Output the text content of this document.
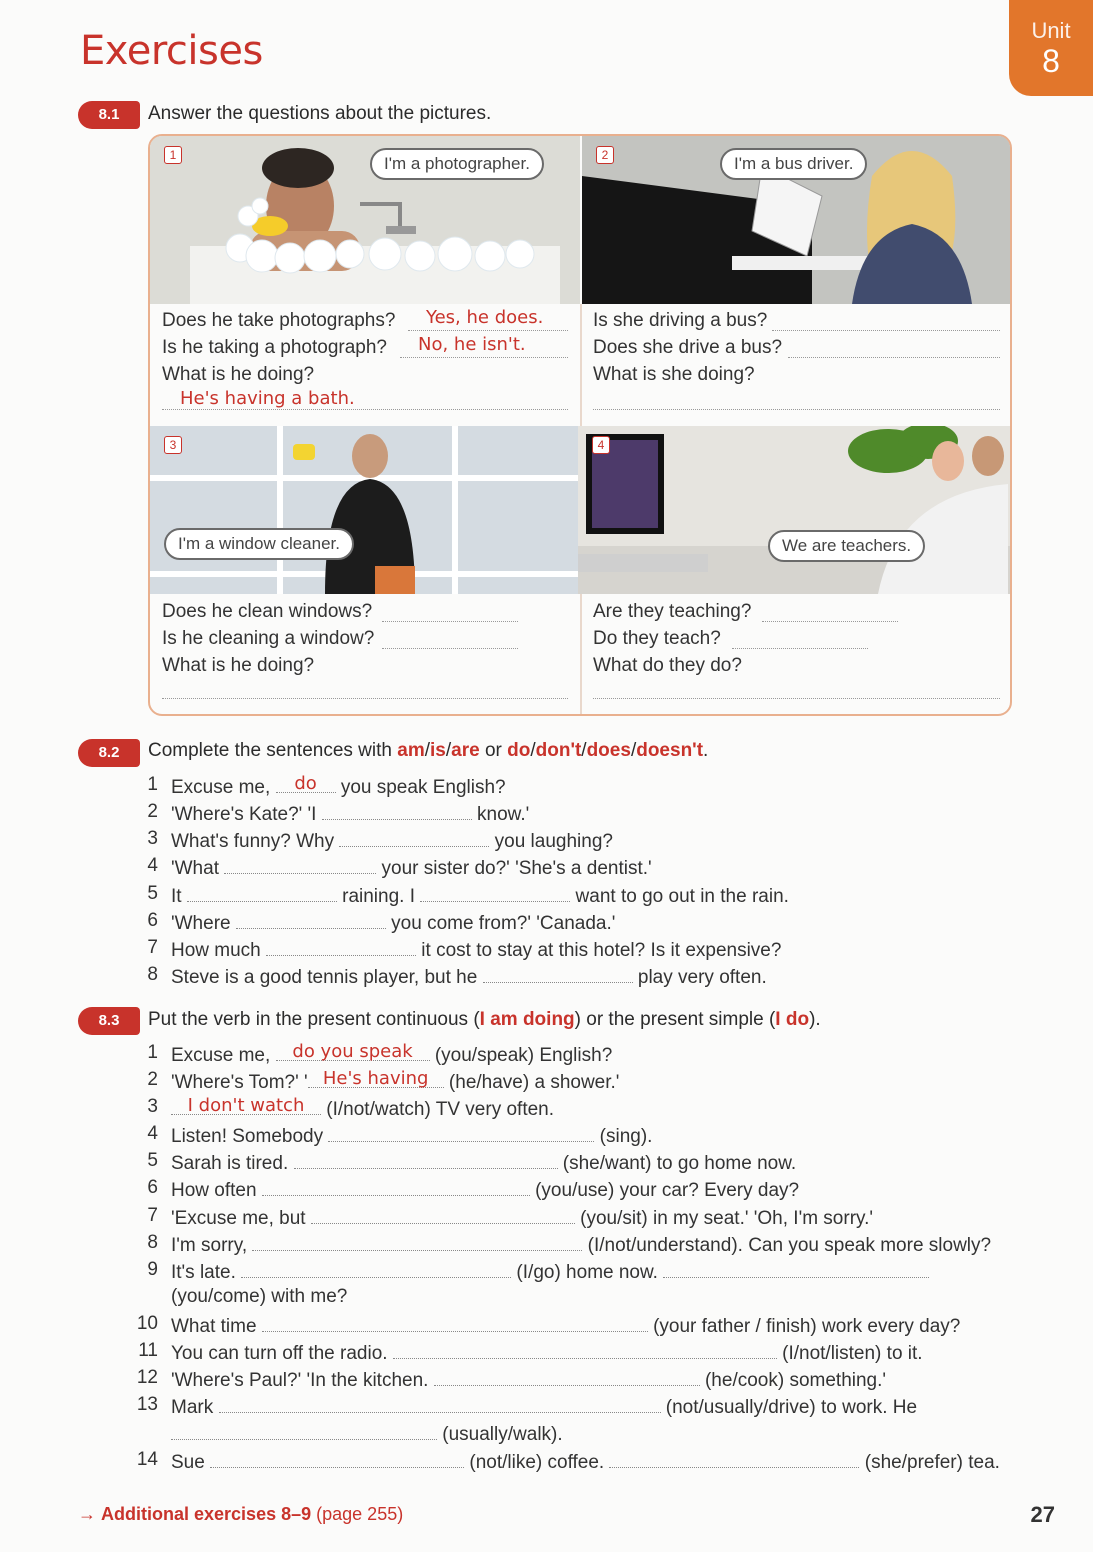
Exercises	Unit
8
8.1	Answer the questions about the pictures.
1	I'm a photographer.	2	I'm a bus driver.
3
I'm a window cleaner.
4
We are teachers.
Does he take photographs? Yes, he does.
Is he taking a photograph? No, he isn't.
What is he doing?
He's having a bath.
Is she driving a bus?
Does she drive a bus?
What is she doing?
Does he clean windows?
Is he cleaning a window?
What is he doing?
Are they teaching?
Do they teach?
What do they do?
8.2	Complete the sentences with am/is/are or do/don't/does/doesn't.
1 Excuse me,	do you speak English?
2 'Where's Kate?' 'I	know.'
3 What's funny? Why	you laughing?
4 'What	your sister do?' 'She's a dentist.'
5 It	raining. I	want to go out in the rain.
6 'Where	you come from?' 'Canada.'
7 How much	it cost to stay at this hotel? Is it expensive?
8 Steve is a good tennis player, but he	play very often.
8.3	Put the verb in the present continuous (I am doing) or the present simple (I do).
1 Excuse me, do you speak (you/speak) English?
2 'Where's Tom?' ' He's having (he/have) a shower.'
3	I don't watch (I/not/watch) TV very often.
4 Listen! Somebody	(sing).
5 Sarah is tired.	(she/want) to go home now.
6 How often	(you/use) your car? Every day?
7 'Excuse me, but	(you/sit) in my seat.' 'Oh, I'm sorry.'
8 I'm sorry,	(I/not/understand). Can you speak more slowly?
9 It's late.	(I/go) home now.
(you/come) with me?
10 What time	(your father / finish) work every day?
11 You can turn off the radio.	(I/not/listen) to it.
12 'Where's Paul?' 'In the kitchen.	(he/cook) something.'
13 Mark	(not/usually/drive) to work. He
(usually/walk).
14 Sue	(not/like) coffee.	(she/prefer) tea.
→ Additional exercises 8–9 (page 255)	27
